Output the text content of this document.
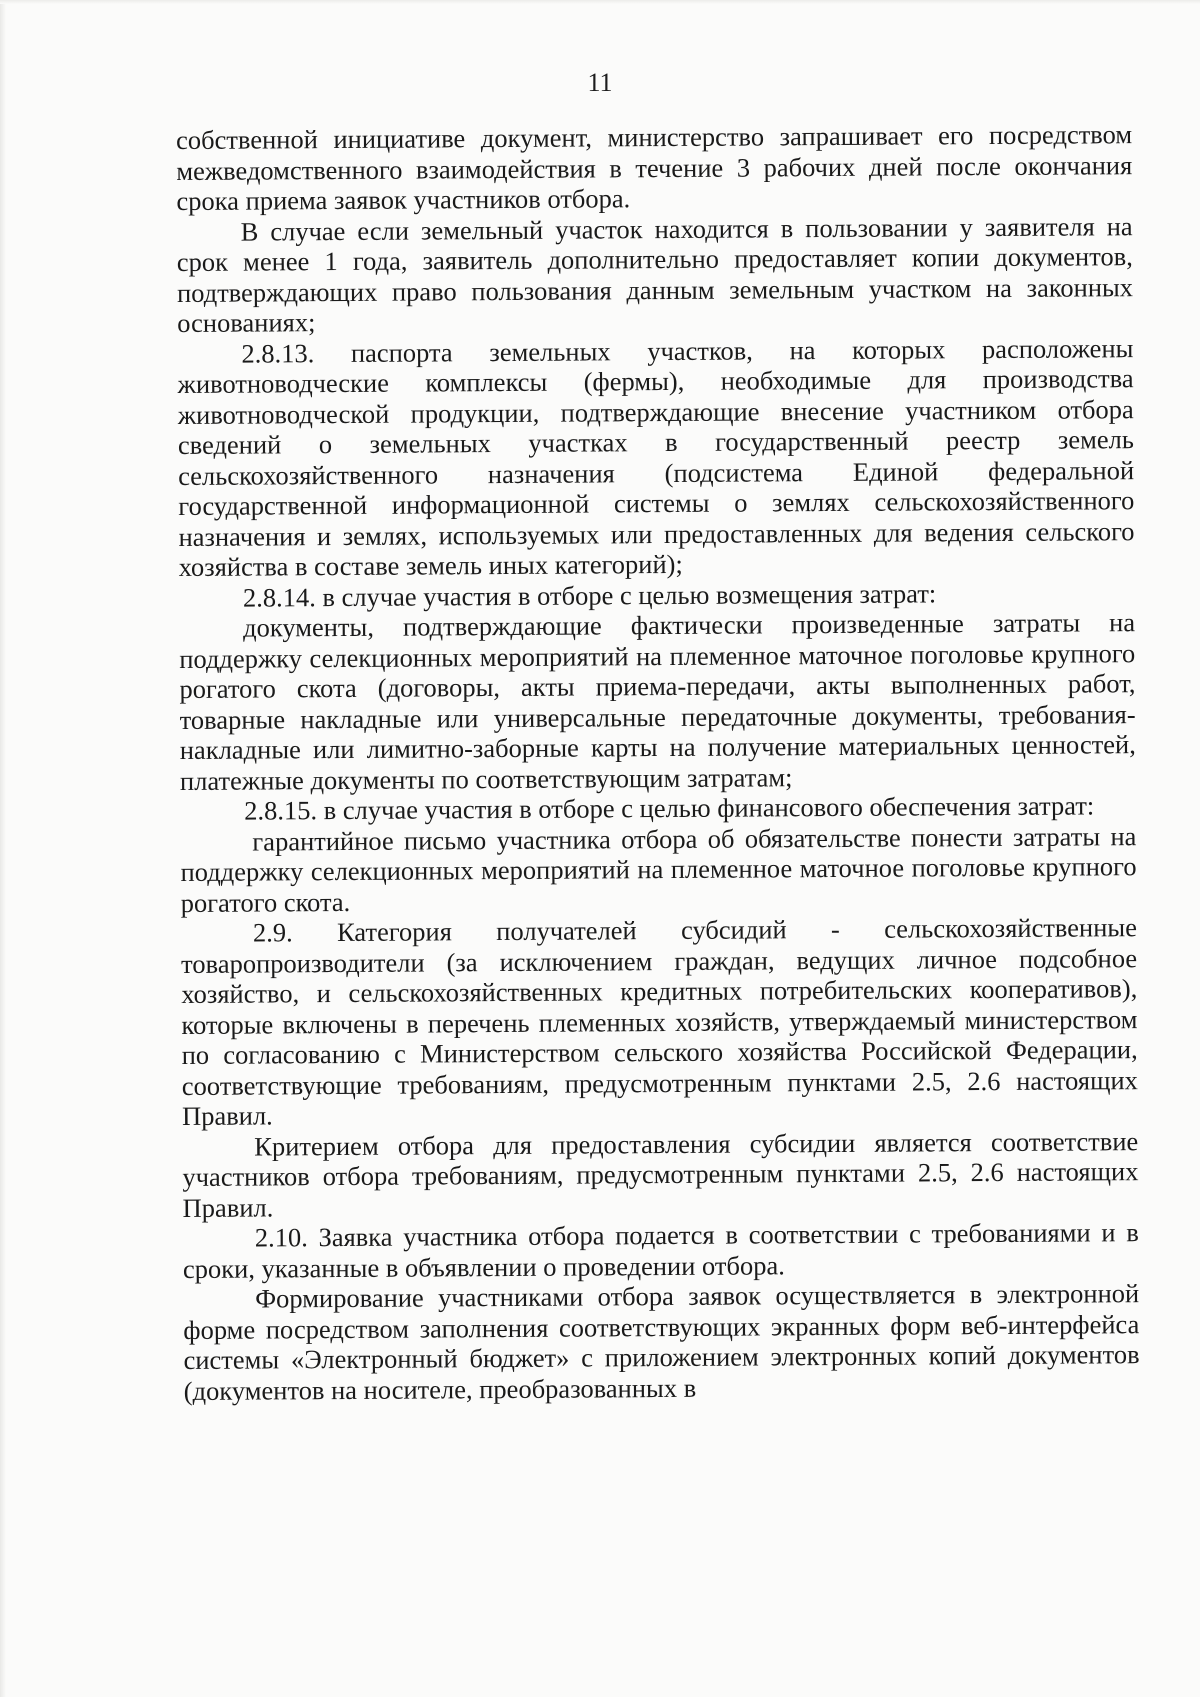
11

собственной инициативе документ, министерство запрашивает его посредством межведомственного взаимодействия в течение 3 рабочих дней после окончания срока приема заявок участников отбора.

В случае если земельный участок находится в пользовании у заявителя на срок менее 1 года, заявитель дополнительно предоставляет копии документов, подтверждающих право пользования данным земельным участком на законных основаниях;

2.8.13. паспорта земельных участков, на которых расположены животноводческие комплексы (фермы), необходимые для производства животноводческой продукции, подтверждающие внесение участником отбора сведений о земельных участках в государственный реестр земель сельскохозяйственного назначения (подсистема Единой федеральной государственной информационной системы о землях сельскохозяйственного назначения и землях, используемых или предоставленных для ведения сельского хозяйства в составе земель иных категорий);

2.8.14. в случае участия в отборе с целью возмещения затрат:

документы, подтверждающие фактически произведенные затраты на поддержку селекционных мероприятий на племенное маточное поголовье крупного рогатого скота (договоры, акты приема-передачи, акты выполненных работ, товарные накладные или универсальные передаточные документы, требования-накладные или лимитно-заборные карты на получение материальных ценностей, платежные документы по соответствующим затратам;

2.8.15. в случае участия в отборе с целью финансового обеспечения затрат:

гарантийное письмо участника отбора об обязательстве понести затраты на поддержку селекционных мероприятий на племенное маточное поголовье крупного рогатого скота.

2.9. Категория получателей субсидий - сельскохозяйственные товаропроизводители (за исключением граждан, ведущих личное подсобное хозяйство, и сельскохозяйственных кредитных потребительских кооперативов), которые включены в перечень племенных хозяйств, утверждаемый министерством по согласованию с Министерством сельского хозяйства Российской Федерации, соответствующие требованиям, предусмотренным пунктами 2.5, 2.6 настоящих Правил.

Критерием отбора для предоставления субсидии является соответствие участников отбора требованиям, предусмотренным пунктами 2.5, 2.6 настоящих Правил.

2.10. Заявка участника отбора подается в соответствии с требованиями и в сроки, указанные в объявлении о проведении отбора.

Формирование участниками отбора заявок осуществляется в электронной форме посредством заполнения соответствующих экранных форм веб-интерфейса системы «Электронный бюджет» с приложением электронных копий документов (документов на носителе, преобразованных в
